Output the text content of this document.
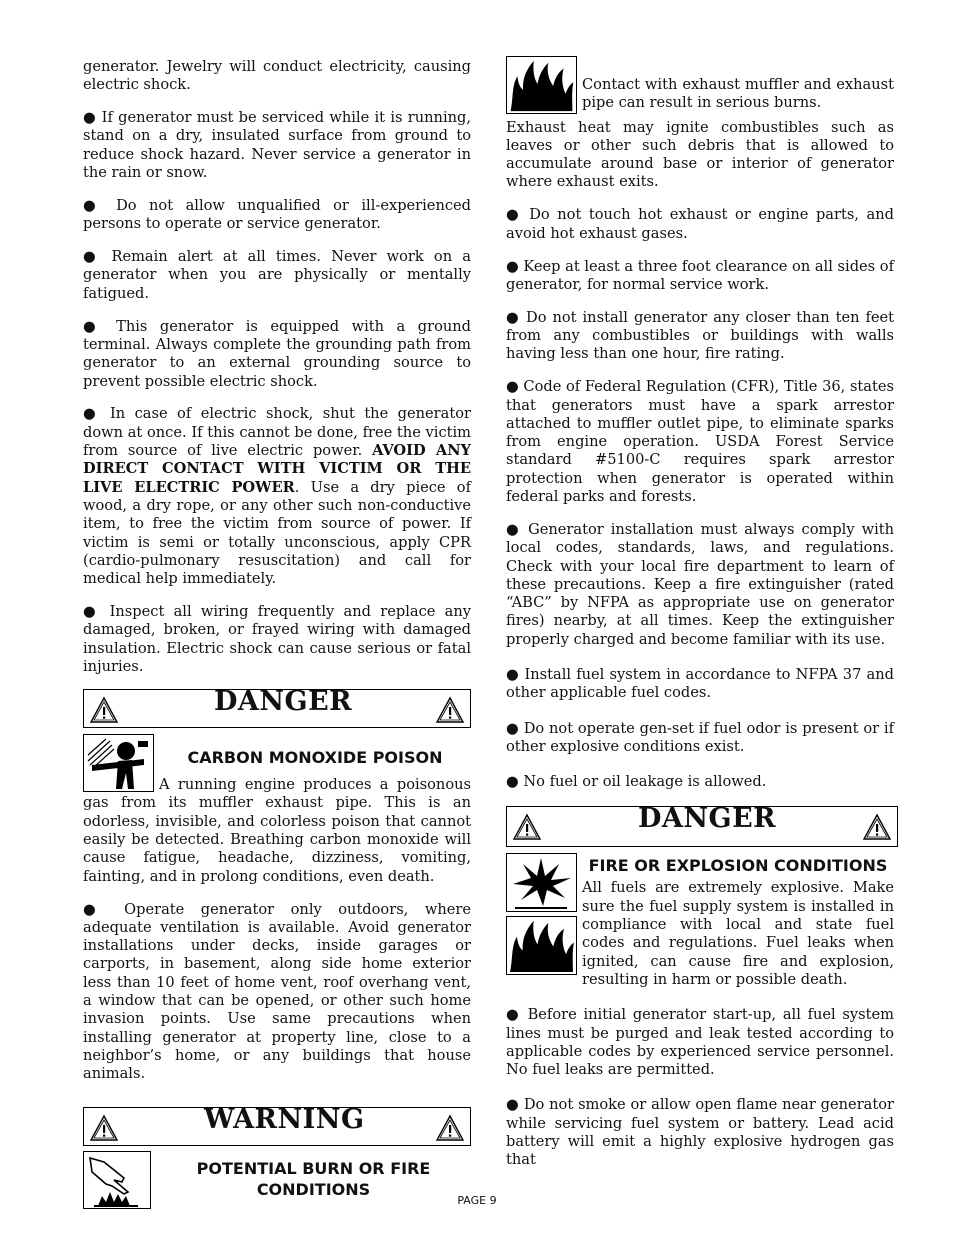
generator. Jewelry will conduct electricity, causing electric shock.

● If generator must be serviced while it is running, stand on a dry, insulated surface from ground to reduce shock hazard. Never service a generator in the rain or snow.

● Do not allow unqualified or ill-experienced persons to operate or service generator.

● Remain alert at all times. Never work on a generator when you are physically or mentally fatigued.

● This generator is equipped with a ground terminal. Always complete the grounding path from generator to an external grounding source to prevent possible electric shock.

● In case of electric shock, shut the generator down at once. If this cannot be done, free the victim from source of live electric power. AVOID ANY DIRECT CONTACT WITH VICTIM OR THE LIVE ELECTRIC POWER. Use a dry piece of wood, a dry rope, or any other such non-conductive item, to free the victim from source of power. If victim is semi or totally unconscious, apply CPR (cardio-pulmonary resuscitation) and call for medical help immediately.

● Inspect all wiring frequently and replace any damaged, broken, or frayed wiring with damaged insulation. Electric shock can cause serious or fatal injuries.

DANGER
CARBON MONOXIDE POISON

A running engine produces a poisonous gas from its muffler exhaust pipe. This is an odorless, invisible, and colorless poison that cannot easily be detected. Breathing carbon monoxide will cause fatigue, headache, dizziness, vomiting, fainting, and in prolong conditions, even death.

● Operate generator only outdoors, where adequate ventilation is available. Avoid generator installations under decks, inside garages or carports, in basement, along side home exterior less than 10 feet of home vent, roof overhang vent, a window that can be opened, or other such home invasion points. Use same precautions when installing generator at property line, close to a neighbor’s home, or any buildings that house animals.

WARNING
POTENTIAL BURN OR FIRE CONDITIONS

Contact with exhaust muffler and exhaust pipe can result in serious burns.

Exhaust heat may ignite combustibles such as leaves or other such debris that is allowed to accumulate around base or interior of generator where exhaust exits.

● Do not touch hot exhaust or engine parts, and avoid hot exhaust gases.

● Keep at least a three foot clearance on all sides of generator, for normal service work.

● Do not install generator any closer than ten feet from any combustibles or buildings with walls having less than one hour, fire rating.

● Code of Federal Regulation (CFR), Title 36, states that generators must have a spark arrestor attached to muffler outlet pipe, to eliminate sparks from engine operation. USDA Forest Service standard #5100-C requires spark arrestor protection when generator is operated within federal parks and forests.

● Generator installation must always comply with local codes, standards, laws, and regulations. Check with your local fire department to learn of these precautions. Keep a fire extinguisher (rated “ABC” by NFPA as appropriate use on generator fires) nearby, at all times. Keep the extinguisher properly charged and become familiar with its use.

● Install fuel system in accordance to NFPA 37 and other applicable fuel codes.

● Do not operate gen-set if fuel odor is present or if other explosive conditions exist.

● No fuel or oil leakage is allowed.

DANGER
FIRE OR EXPLOSION CONDITIONS

All fuels are extremely explosive. Make sure the fuel supply system is installed in compliance with local and state fuel codes and regulations. Fuel leaks when ignited, can cause fire and explosion, resulting in harm or possible death.

● Before initial generator start-up, all fuel system lines must be purged and leak tested according to applicable codes by experienced service personnel. No fuel leaks are permitted.

● Do not smoke or allow open flame near generator while servicing fuel system or battery. Lead acid battery will emit a highly explosive hydrogen gas that

PAGE 9
